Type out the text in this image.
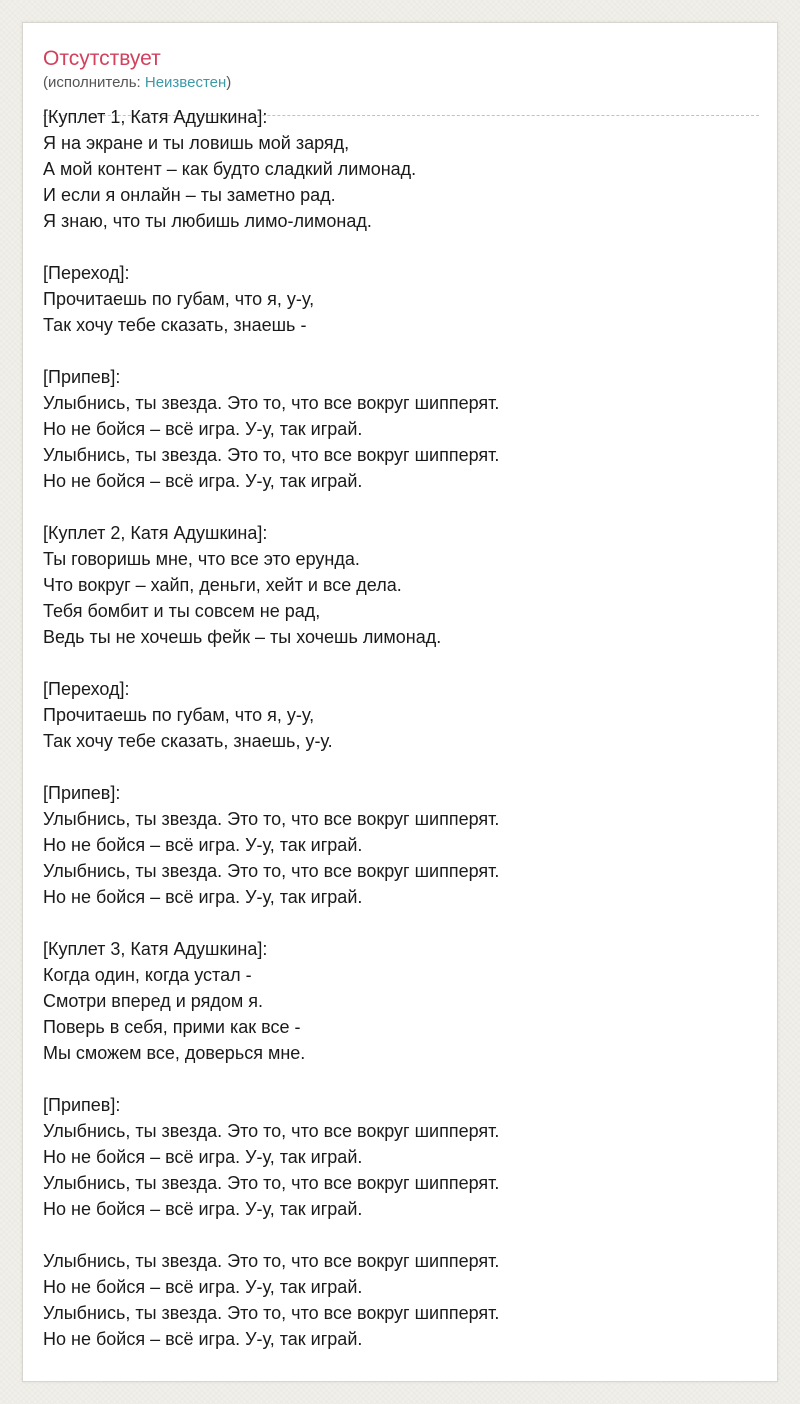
Отсутствует
(исполнитель: Неизвестен)
[Куплет 1, Катя Адушкина]:
Я на экране и ты ловишь мой заряд,
А мой контент – как будто сладкий лимонад.
И если я онлайн – ты заметно рад.
Я знаю, что ты любишь лимо-лимонад.
[Переход]:
Прочитаешь по губам, что я, у-у,
Так хочу тебе сказать, знаешь -
[Припев]:
Улыбнись, ты звезда. Это то, что все вокруг шипперят.
Но не бойся – всё игра. У-у, так играй.
Улыбнись, ты звезда. Это то, что все вокруг шипперят.
Но не бойся – всё игра. У-у, так играй.
[Куплет 2, Катя Адушкина]:
Ты говоришь мне, что все это ерунда.
Что вокруг – хайп, деньги, хейт и все дела.
Тебя бомбит и ты совсем не рад,
Ведь ты не хочешь фейк – ты хочешь лимонад.
[Переход]:
Прочитаешь по губам, что я, у-у,
Так хочу тебе сказать, знаешь, у-у.
[Припев]:
Улыбнись, ты звезда. Это то, что все вокруг шипперят.
Но не бойся – всё игра. У-у, так играй.
Улыбнись, ты звезда. Это то, что все вокруг шипперят.
Но не бойся – всё игра. У-у, так играй.
[Куплет 3, Катя Адушкина]:
Когда один, когда устал -
Смотри вперед и рядом я.
Поверь в себя, прими как все -
Мы сможем все, доверься мне.
[Припев]:
Улыбнись, ты звезда. Это то, что все вокруг шипперят.
Но не бойся – всё игра. У-у, так играй.
Улыбнись, ты звезда. Это то, что все вокруг шипперят.
Но не бойся – всё игра. У-у, так играй.
Улыбнись, ты звезда. Это то, что все вокруг шипперят.
Но не бойся – всё игра. У-у, так играй.
Улыбнись, ты звезда. Это то, что все вокруг шипперят.
Но не бойся – всё игра. У-у, так играй.
